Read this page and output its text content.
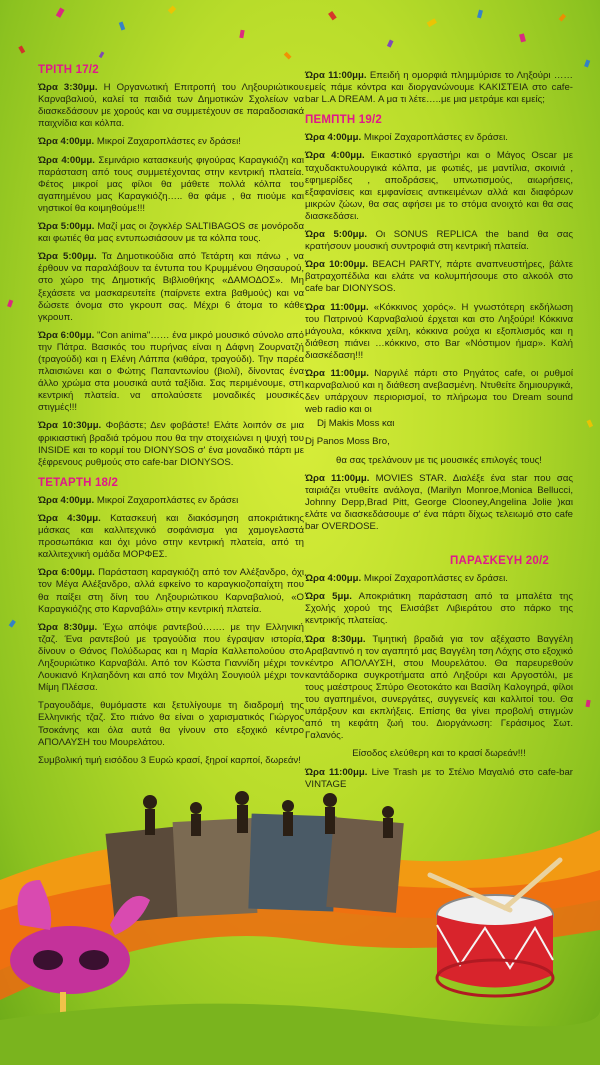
ΤΡΙΤΗ 17/2

Ώρα 3:30μμ. Η Οργανωτική Επιτροπή του Ληξουριώτικου Καρναβαλιού, καλεί τα παιδιά των Δημοτικών Σχολείων να διασκεδάσουν με χορούς και να συμμετέχουν σε παραδοσιακά παιχνίδια και κόλπα.

Ώρα 4:00μμ. Μικροί Ζαχαροπλάστες εν δράσει!

Ώρα 4:00μμ. Σεμινάριο κατασκευής φιγούρας Καραγκιόζη και παράσταση από τους συμμετέχοντας στην κεντρική πλατεία. Φέτος μικροί μας φίλοι θα μάθετε πολλά κόλπα του αγαπημένου μας Καραγκιόζη….. θα φάμε , θα πιούμε και νηστικοί θα κοιμηθούμε!!!

Ώρα 5:00μμ. Μαζί μας οι ζογκλέρ SALTIBAGOS σε μονόροδα και φωτιές θα μας εντυπωσιάσουν με τα κόλπα τους.

Ώρα 5:00μμ. Τα Δημοτικούδια από Τετάρτη και πάνω , να έρθουν να παραλάβουν τα έντυπα του Κρυμμένου Θησαυρού, στο χώρο της Δημοτικής Βιβλιοθήκης «ΔΑΜΟΔΟΣ». Μη ξεχάσετε να μασκαρευτείτε (παίρνετε extra βαθμούς) και να δώσετε όνομα στο γκρουπ σας. Μέχρι 6 άτομα το κάθε γκρουπ.

Ώρα 6:00μμ. "Con anima"…… ένα μικρό μουσικό σύνολο από την Πάτρα. Βασικός του πυρήνας είναι η Δάφνη Ζουρνατζή (τραγούδι) και η Ελένη Λάππα (κιθάρα, τραγούδι). Την παρέα πλαισιώνει και ο Φώτης Παπαντωνίου (βιολί), δίνοντας ένα άλλο χρώμα στα μουσικά αυτά ταξίδια. Σας περιμένουμε, στη κεντρική πλατεία. να απολαύσετε μοναδικές μουσικές στιγμές!!!

Ώρα 10:30μμ. Φοβάστε; Δεν φοβάστε! Ελάτε λοιπόν σε μια φρικιαστική βραδιά τρόμου που θα την στοιχειώνει η ψυχή του INSIDE και το κορμί του DIONYSOS σ' ένα μοναδικό πάρτι με ξέφρενους ρυθμούς στο cafe-bar DIONYSOS.

ΤΕΤΑΡΤΗ 18/2

Ώρα 4:00μμ. Μικροί Ζαχαροπλάστες εν δράσει

Ώρα 4:30μμ. Κατασκευή και διακόσμηση αποκριάτικης μάσκας και καλλιτεχνικό σοφάνισμα για χαμογελαστά προσωπάκια και όχι μόνο στην κεντρική πλατεία, από τη καλλιτεχνική ομάδα ΜΟΡΦΕΣ.

Ώρα 6:00μμ. Παράσταση καραγκιόζη από τον Αλέξανδρο, όχι τον Μέγα Αλέξανδρο, αλλά εφκείνο το καραγκιοζοπαίχτη που θα παίξει στη δίνη του Ληξουριώτικου Καρναβαλιού, «Ο Καραγκιόζης στο Καρναβάλι» στην κεντρική πλατεία.

Ώρα 8:30μμ. Έχω απόψε ραντεβού……. με την Ελληνική τζαζ. Ένα ραντεβού με τραγούδια που έγραψαν ιστορία, δίνουν ο Θάνος Πολύδωρας και η Μαρία Καλλεπολούου στο Ληξουριώτικο Καρναβάλι. Από τον Κώστα Γιαννίδη μέχρι τον Λουκιανό Κηλαηδόνη και από τον Μιχάλη Σουγιούλ μέχρι τον Μίμη Πλέσσα.

Τραγουδάμε, θυμόμαστε και ξετυλίγουμε τη διαδρομή της Ελληνικής τζαζ. Στο πιάνο θα είναι ο χαρισματικός Γιώργος Τσοκάνης και όλα αυτά θα γίνουν στο εξοχικό κέντρο ΑΠΟΛΑΥΣΗ του Μουρελάτου.

Συμβολική τιμή εισόδου 3 Ευρώ κρασί, ξηροί καρποί, δωρεάν!

Ώρα 11:00μμ. Επειδή η ομορφιά πλημμύρισε το Ληξούρι …… εμείς πάμε κόντρα και διοργανώνουμε ΚΑΚΙΣΤΕΙΑ στο cafe-bar L.A DREAM. Α μα τι λέτε…..με μια μετράμε και εμείς;

ΠΕΜΠΤΗ 19/2

Ώρα 4:00μμ. Μικροί Ζαχαροπλάστες εν δράσει.

Ώρα 4:00μμ. Εικαστικό εργαστήρι και ο Μάγος Oscar με ταχυδακτυλουργικά κόλπα, με φωτιές, με μαντίλια, σκοινιά , εφημερίδες , αποδράσεις, υπνωτισμούς, αιωρήσεις, εξαφανίσεις και εμφανίσεις αντικειμένων αλλά και διαφόρων μικρών ζώων, θα σας αφήσει με το στόμα ανοιχτό και θα σας διασκεδάσει.

Ώρα 5:00μμ. Οι SONUS REPLICA the band θα σας κρατήσουν μουσική συντροφιά στη κεντρική πλατεία.

Ώρα 10:00μμ. BEACH PARTY, πάρτε αναπνευστήρες, βάλτε βατραχοπέδιλα και ελάτε να κολυμπήσουμε στο αλκοόλ στο cafe bar DIONYSOS.

Ώρα 11:00μμ. «Κόκκινος χορός». Η γνωστότερη εκδήλωση του Πατρινού Καρναβαλιού έρχεται και στο Ληξούρι! Κόκκινα μάγουλα, κόκκινα χείλη, κόκκινα ρούχα κι εξοπλισμός και η διάθεση πιάνει …κόκκινο, στο Bar «Νόστιμον ήμαρ». Καλή διασκέδαση!!!

Ώρα 11:00μμ. Ναργιλέ πάρτι στο Pηγάτος cafe, οι ρυθμοί καρναβαλιού και η διάθεση ανεβασμένη. Ντυθείτε δημιουργικά, δεν υπάρχουν περιορισμοί, το πλήρωμα του Dream sound web radio και οι

Dj Makis Moss και

Dj Panos Moss Bro,

θα σας τρελάνουν με τις μουσικές επιλογές τους!

Ώρα 11:00μμ. MOVIES STAR. Διαλέξε ένα star που σας ταιριάζει ντυθείτε ανάλογα, (Marilyn Monroe,Monica Bellucci, Johnny Depp,Brad Pitt, George Clooney,Angelina Jolie )και ελάτε να διασκεδάσουμε σ' ένα πάρτι δίχως τελειωμό στο cafe bar OVERDOSE.

ΠΑΡΑΣΚΕΥΗ 20/2

Ώρα 4:00μμ. Μικροί Ζαχαροπλάστες εν δράσει.

Ώρα 5μμ. Αποκριάτικη παράσταση από τα μπαλέτα της Σχολής χορού της Ελισάβετ Λιβιεράτου στο πάρκο της κεντρικής πλατείας.

Ώρα 8:30μμ. Τιμητική βραδιά για τον αξέχαστο Βαγγέλη Αραβαντινό η τον αγαπητό μας Βαγγέλη τση Λόχης στο εξοχικό κέντρο ΑΠΟΛΑΥΣΗ, στου Μουρελάτου. Θα παρευρεθούν καντάδορικα συγκροτήματα από Ληξούρι και Αργοστόλι, με τους μαέστρους Σπύρο Θεοτοκάτο και Βασίλη Καλογηρά, φίλοι του αγαπημένοι, συνεργάτες, συγγενείς και καλλιτοί του. Θα υπάρξουν και εκπλήξεις. Επίσης θα γίνει προβολή στιγμών από τη κεφάτη ζωή του. Διοργάνωση: Γεράσιμος Σωτ. Γαλανός.

Είσοδος ελεύθερη και το κρασί δωρεάν!!!

Ώρα 11:00μμ. Live Trash με το Στέλιο Μαγαλιό στο cafe-bar VINTAGE
